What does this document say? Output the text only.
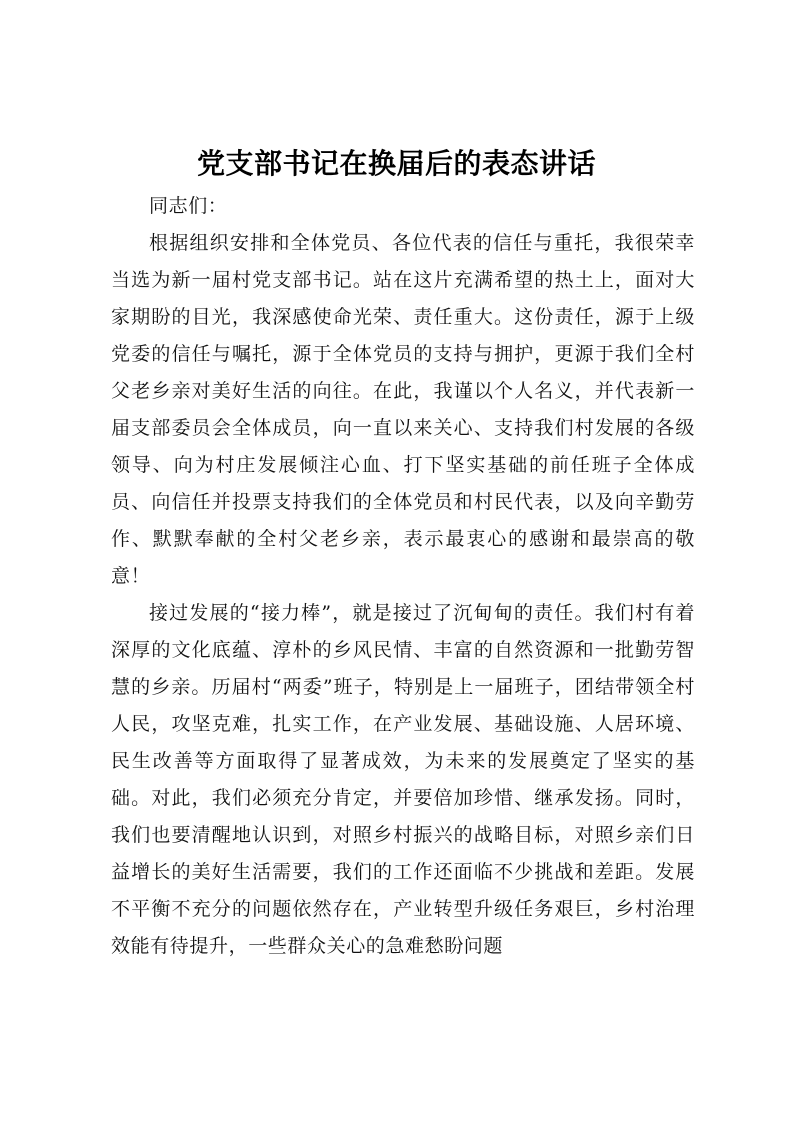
党支部书记在换届后的表态讲话

同志们：

根据组织安排和全体党员、各位代表的信任与重托，我很荣幸当选为新一届村党支部书记。站在这片充满希望的热土上，面对大家期盼的目光，我深感使命光荣、责任重大。这份责任，源于上级党委的信任与嘱托，源于全体党员的支持与拥护，更源于我们全村父老乡亲对美好生活的向往。在此，我谨以个人名义，并代表新一届支部委员会全体成员，向一直以来关心、支持我们村发展的各级领导、向为村庄发展倾注心血、打下坚实基础的前任班子全体成员、向信任并投票支持我们的全体党员和村民代表，以及向辛勤劳作、默默奉献的全村父老乡亲，表示最衷心的感谢和最崇高的敬意！

接过发展的“接力棒”，就是接过了沉甸甸的责任。我们村有着深厚的文化底蕴、淳朴的乡风民情、丰富的自然资源和一批勤劳智慧的乡亲。历届村“两委”班子，特别是上一届班子，团结带领全村人民，攻坚克难，扎实工作，在产业发展、基础设施、人居环境、民生改善等方面取得了显著成效，为未来的发展奠定了坚实的基础。对此，我们必须充分肯定，并要倍加珍惜、继承发扬。同时，我们也要清醒地认识到，对照乡村振兴的战略目标，对照乡亲们日益增长的美好生活需要，我们的工作还面临不少挑战和差距。发展不平衡不充分的问题依然存在，产业转型升级任务艰巨，乡村治理效能有待提升，一些群众关心的急难愁盼问题
